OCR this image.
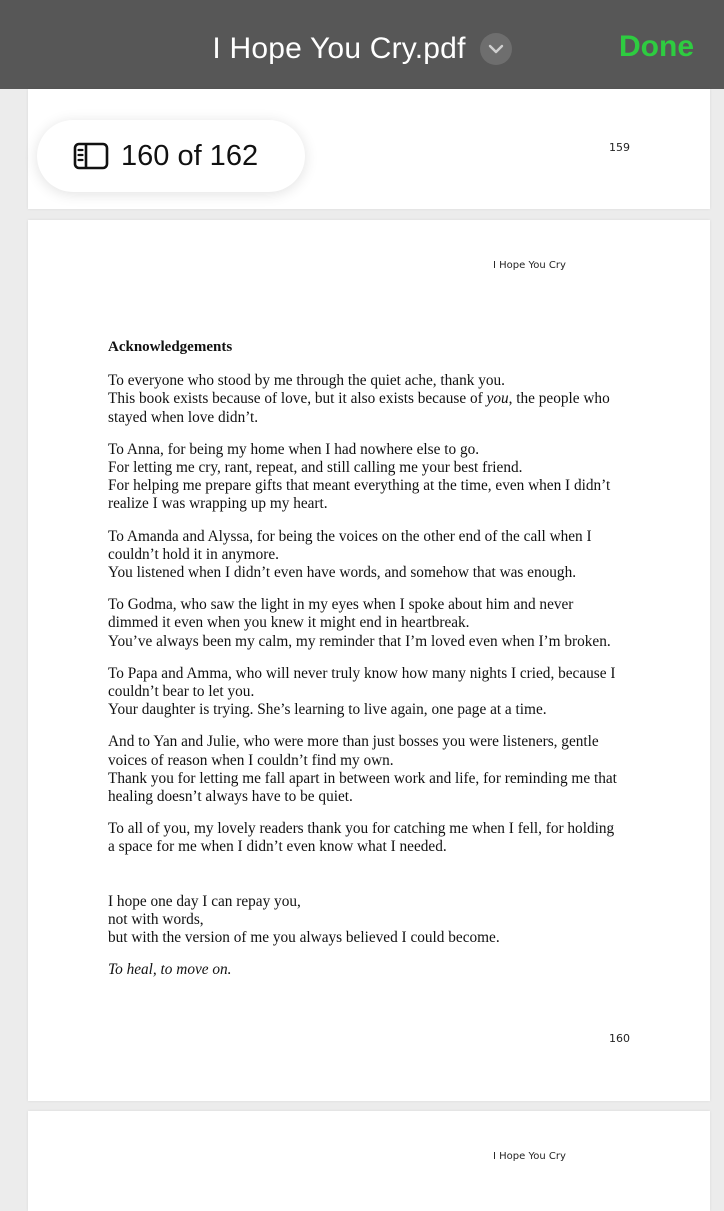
I Hope You Cry.pdf	Done
159
160 of 162
I Hope You Cry
Acknowledgements

To everyone who stood by me through the quiet ache, thank you.
This book exists because of love, but it also exists because of you, the people who
stayed when love didn’t.

To Anna, for being my home when I had nowhere else to go.
For letting me cry, rant, repeat, and still calling me your best friend.
For helping me prepare gifts that meant everything at the time, even when I didn’t
realize I was wrapping up my heart.

To Amanda and Alyssa, for being the voices on the other end of the call when I
couldn’t hold it in anymore.
You listened when I didn’t even have words, and somehow that was enough.

To Godma, who saw the light in my eyes when I spoke about him and never
dimmed it even when you knew it might end in heartbreak.
You’ve always been my calm, my reminder that I’m loved even when I’m broken.

To Papa and Amma, who will never truly know how many nights I cried, because I
couldn’t bear to let you.
Your daughter is trying. She’s learning to live again, one page at a time.

And to Yan and Julie, who were more than just bosses you were listeners, gentle
voices of reason when I couldn’t find my own.
Thank you for letting me fall apart in between work and life, for reminding me that
healing doesn’t always have to be quiet.

To all of you, my lovely readers thank you for catching me when I fell, for holding
a space for me when I didn’t even know what I needed.

I hope one day I can repay you,
not with words,
but with the version of me you always believed I could become.

To heal, to move on.

160
I Hope You Cry
